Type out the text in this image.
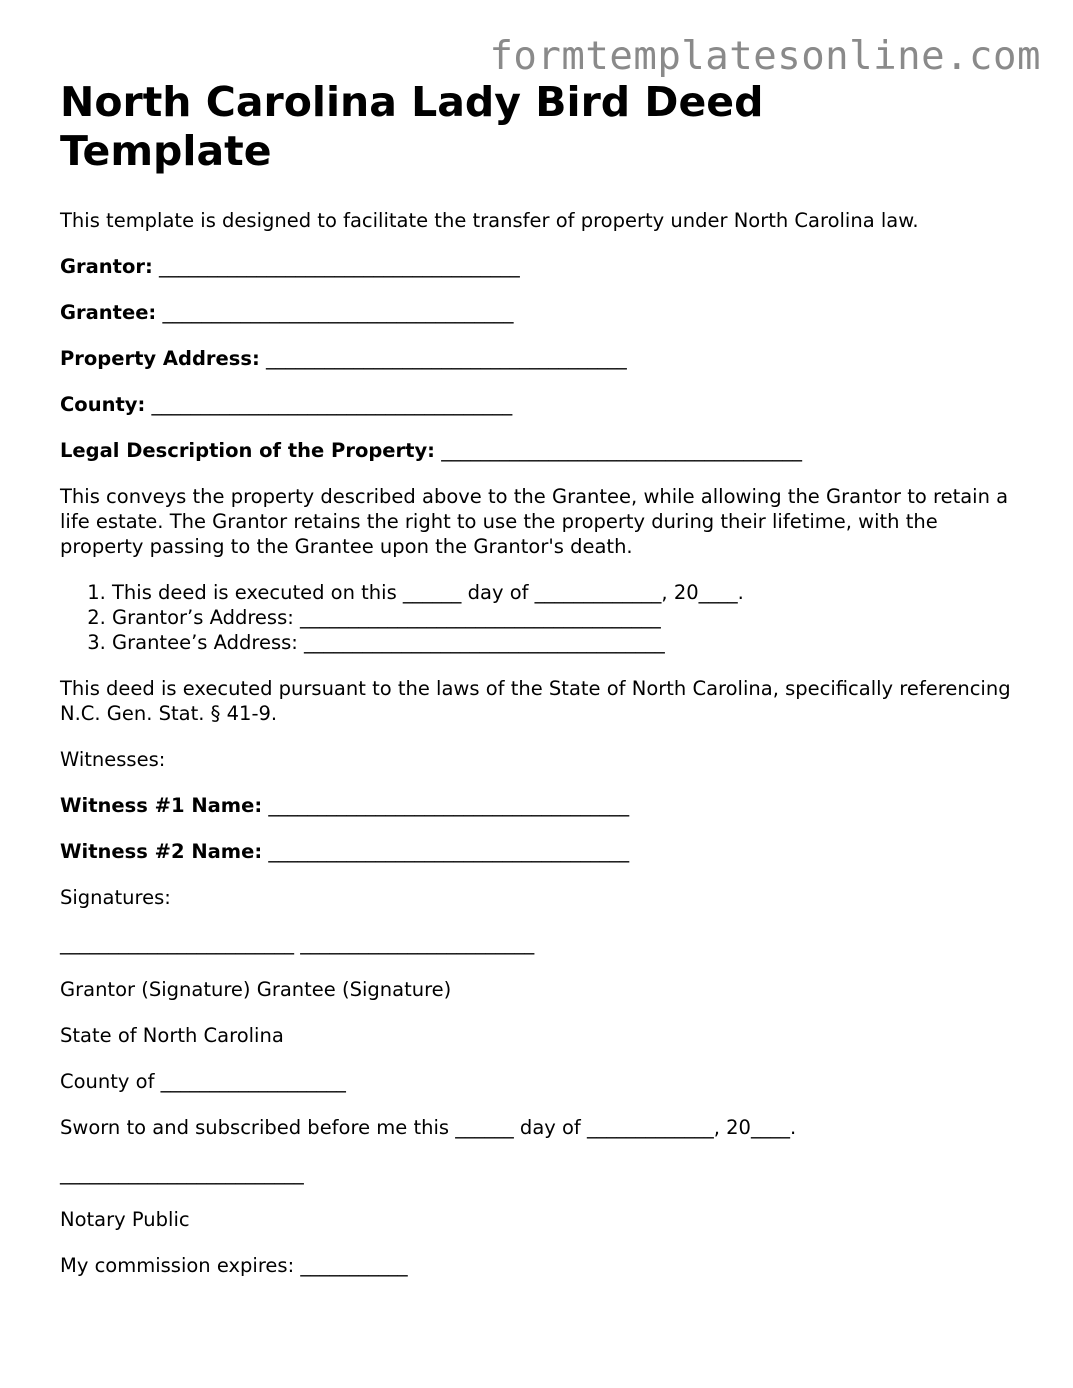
formtemplatesonline.com
North Carolina Lady Bird Deed Template

This template is designed to facilitate the transfer of property under North Carolina law.

Grantor: _____________________________________

Grantee: ____________________________________

Property Address: _____________________________________

County: _____________________________________

Legal Description of the Property: _____________________________________

This conveys the property described above to the Grantee, while allowing the Grantor to retain a life estate. The Grantor retains the right to use the property during their lifetime, with the property passing to the Grantee upon the Grantor's death.

1. This deed is executed on this ______ day of _____________, 20____.
2. Grantor’s Address: _____________________________________
3. Grantee’s Address: _____________________________________

This deed is executed pursuant to the laws of the State of North Carolina, specifically referencing N.C. Gen. Stat. § 41-9.

Witnesses:

Witness #1 Name: _____________________________________

Witness #2 Name: _____________________________________

Signatures:

________________________ ________________________

Grantor (Signature) Grantee (Signature)

State of North Carolina

County of ___________________

Sworn to and subscribed before me this ______ day of _____________, 20____.

_________________________

Notary Public

My commission expires: ___________
